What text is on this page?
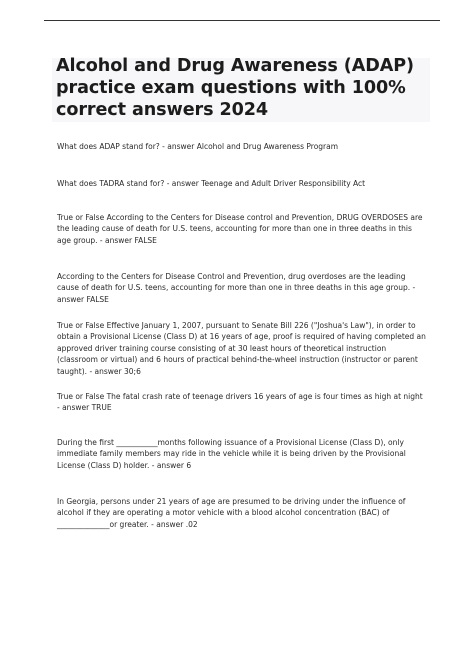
Alcohol and Drug Awareness (ADAP) practice exam questions with 100% correct answers 2024

What does ADAP stand for? - answer Alcohol and Drug Awareness Program

What does TADRA stand for? - answer Teenage and Adult Driver Responsibility Act

True or False According to the Centers for Disease control and Prevention, DRUG OVERDOSES are the leading cause of death for U.S. teens, accounting for more than one in three deaths in this age group. - answer FALSE

According to the Centers for Disease Control and Prevention, drug overdoses are the leading cause of death for U.S. teens, accounting for more than one in three deaths in this age group. - answer FALSE

True or False Effective January 1, 2007, pursuant to Senate Bill 226 ("Joshua's Law"), in order to obtain a Provisional License (Class D) at 16 years of age, proof is required of having completed an approved driver training course consisting of at 30 least hours of theoretical instruction (classroom or virtual) and 6 hours of practical behind-the-wheel instruction (instructor or parent taught). - answer 30;6

True or False The fatal crash rate of teenage drivers 16 years of age is four times as high at night - answer TRUE

During the first ___________months following issuance of a Provisional License (Class D), only immediate family members may ride in the vehicle while it is being driven by the Provisional License (Class D) holder. - answer 6

In Georgia, persons under 21 years of age are presumed to be driving under the influence of alcohol if they are operating a motor vehicle with a blood alcohol concentration (BAC) of ______________or greater. - answer .02
